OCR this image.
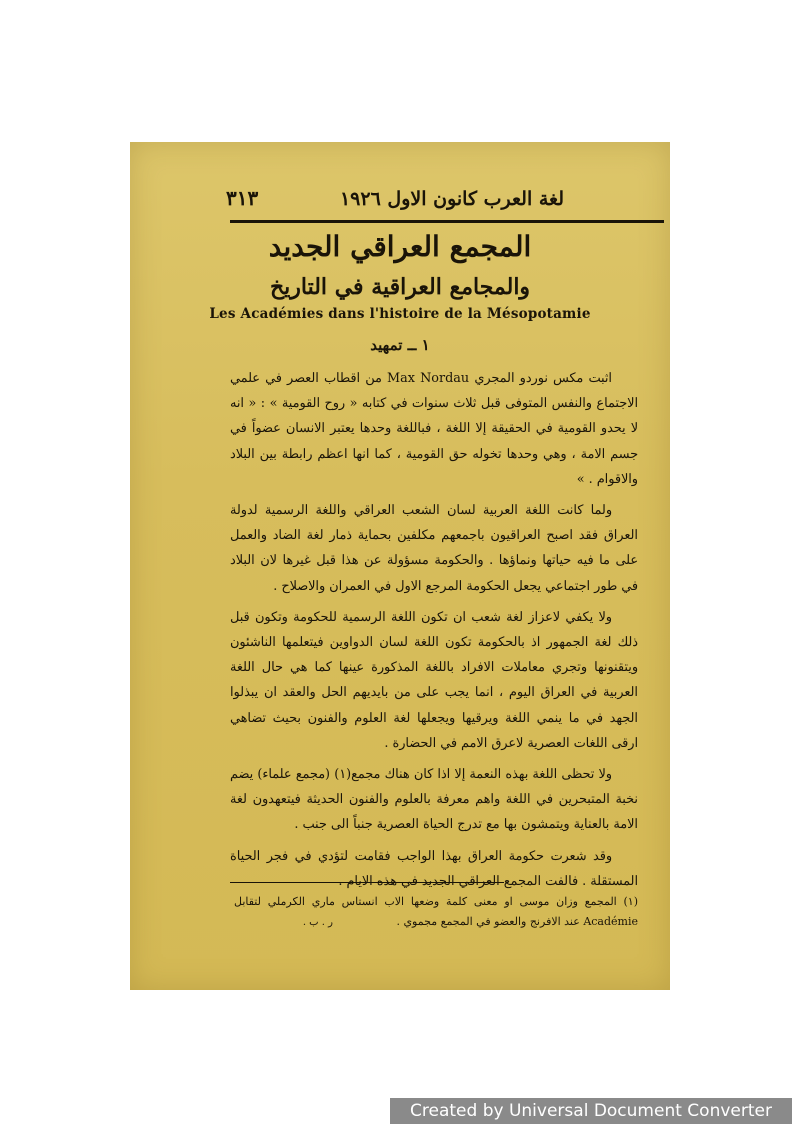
لغة العرب كانون الاول ١٩٢٦
٣١٣
المجمع العراقي الجديد
والمجامع العراقية في التاريخ
Les Académies dans l'histoire de la Mésopotamie
١ ــ تمهيد

اثبت مكس نوردو المجري Max Nordau من اقطاب العصر في علمي الاجتماع والنفس المتوفى قبل ثلاث سنوات في كتابه « روح القومية » : « انه لا يحدو القومية في الحقيقة إلا اللغة ، فباللغة وحدها يعتبر الانسان عضواً في جسم الامة ، وهي وحدها تخوله حق القومية ، كما انها اعظم رابطة بين البلاد والاقوام . »

ولما كانت اللغة العربية لسان الشعب العراقي واللغة الرسمية لدولة العراق فقد اصبح العراقيون باجمعهم مكلفين بحماية ذمار لغة الضاد والعمل على ما فيه حياتها ونماؤها . والحكومة مسؤولة عن هذا قبل غيرها لان البلاد في طور اجتماعي يجعل الحكومة المرجع الاول في العمران والاصلاح .

ولا يكفي لاعزاز لغة شعب ان تكون اللغة الرسمية للحكومة وتكون قبل ذلك لغة الجمهور اذ بالحكومة تكون اللغة لسان الدواوين فيتعلمها الناشئون ويتقنونها وتجري معاملات الافراد باللغة المذكورة عينها كما هي حال اللغة العربية في العراق اليوم ، انما يجب على من بايديهم الحل والعقد ان يبذلوا الجهد في ما ينمي اللغة ويرقيها ويجعلها لغة العلوم والفنون بحيث تضاهي ارقى اللغات العصرية لاعرق الامم في الحضارة .

ولا تحظى اللغة بهذه النعمة إلا اذا كان هناك مجمع(١) (مجمع علماء) يضم نخبة المتبحرين في اللغة واهم معرفة بالعلوم والفنون الحديثة فيتعهدون لغة الامة بالعناية ويتمشون بها مع تدرج الحياة العصرية جنباً الى جنب .

وقد شعرت حكومة العراق بهذا الواجب فقامت لتؤدي في فجر الحياة المستقلة . فالفت المجمع العراقي الجديد في هذه الايام .

(١) المجمع وزان موسى او معنى كلمة وضعها الاب انستاس ماري الكرملي لتقابل Académie عند الافرنج والعضو في المجمع مجموي . ر . ب .
Created by Universal Document Converter
